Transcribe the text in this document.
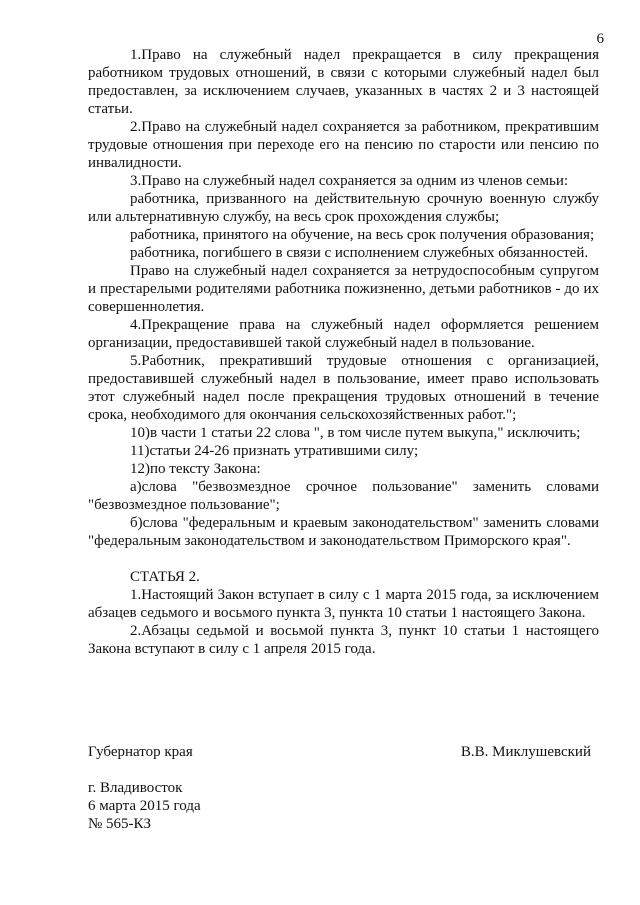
6

1.Право на служебный надел прекращается в силу прекращения работником трудовых отношений, в связи с которыми служебный надел был предоставлен, за исключением случаев, указанных в частях 2 и 3 настоящей статьи.

2.Право на служебный надел сохраняется за работником, прекратившим трудовые отношения при переходе его на пенсию по старости или пенсию по инвалидности.

3.Право на служебный надел сохраняется за одним из членов семьи:

работника, призванного на действительную срочную военную службу или альтернативную службу, на весь срок прохождения службы;

работника, принятого на обучение, на весь срок получения образования;

работника, погибшего в связи с исполнением служебных обязанностей.

Право на служебный надел сохраняется за нетрудоспособным супругом и престарелыми родителями работника пожизненно, детьми работников - до их совершеннолетия.

4.Прекращение права на служебный надел оформляется решением организации, предоставившей такой служебный надел в пользование.

5.Работник, прекративший трудовые отношения с организацией, предоставившей служебный надел в пользование, имеет право использовать этот служебный надел после прекращения трудовых отношений в течение срока, необходимого для окончания сельскохозяйственных работ.";

10)в части 1 статьи 22 слова ", в том числе путем выкупа," исключить;

11)статьи 24-26 признать утратившими силу;

12)по тексту Закона:

а)слова "безвозмездное срочное пользование" заменить словами "безвозмездное пользование";

б)слова "федеральным и краевым законодательством" заменить словами "федеральным законодательством и законодательством Приморского края".

СТАТЬЯ 2.

1.Настоящий Закон вступает в силу с 1 марта 2015 года, за исключением абзацев седьмого и восьмого пункта 3, пункта 10 статьи 1 настоящего Закона.

2.Абзацы седьмой и восьмой пункта 3, пункт 10 статьи 1 настоящего Закона вступают в силу с 1 апреля 2015 года.

Губернатор края	В.В. Миклушевский
г. Владивосток
6 марта 2015 года
№ 565-КЗ
